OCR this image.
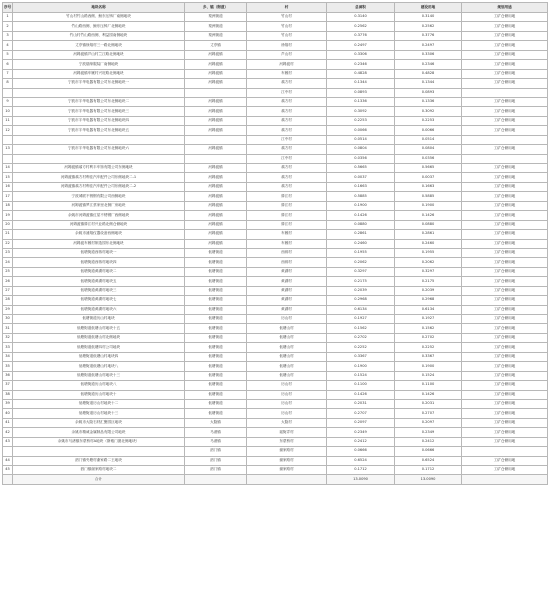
序号	地块名称	乡、镇（街道）	村	总面积	建设用地	规划用途
1	竹山村竹山路西侧、鲸东压铸厂南侧地块	梨洲街道	竹山村	0.3140	0.3140	工矿仓储用地
2	竹山路西侧、鲸东压铸厂北侧地块	梨洲街道	竹山村	0.2562	0.2562	工矿仓储用地
3	竹山村竹山路西侧、利益园南侧地块	梨洲街道	竹山村	0.3776	0.3776	工矿仓储用地
4	丈亭镇徐翔村三一路北侧地块	丈亭镇	徐翔村	0.2497	0.2497	工矿仓储用地
5	河姆渡镇芦山村兰江路北侧地块	河姆渡镇	芦山村	0.3306	0.3306	工矿仓储用地
6	宁波瑞缔服装厂南侧地块	河姆渡镇	河姆渡村	0.2346	0.2346	工矿仓储用地
7	河姆渡镇车厩村兴旺路北侧地块	河姆渡镇	车厩村	0.4828	0.4828	工矿仓储用地
8	宁波市宇华电器有限公司东北侧地块一	河姆渡镇	翁方村	0.1344	0.1344	工矿仓储用地
			江中村	0.0893	0.0893	
9	宁波市宇华电器有限公司东北侧地块二	河姆渡镇	翁方村	0.1336	0.1336	工矿仓储用地
10	宁波市宇华电器有限公司东北侧地块三	河姆渡镇	翁方村	0.3092	0.3092	工矿仓储用地
11	宁波市宇华电器有限公司东北侧地块四	河姆渡镇	翁方村	0.2253	0.2253	工矿仓储用地
12	宁波市宇华电器有限公司东北侧地块五	河姆渡镇	翁方村	0.0066	0.0066	工矿仓储用地
			江中村	0.0514	0.0514	
13	宁波市宇华电器有限公司东北侧地块六	河姆渡镇	翁方村	0.0804	0.0804	工矿仓储用地
			江中村	0.0356	0.0356	
14	河姆渡镇翁方村利丰车饰有限公司东侧地块	河姆渡镇	翁方村	0.5665	0.5665	工矿仓储用地
15	河姆渡镇翁方村利佳汽车配件公司东侧地块二-1	河姆渡镇	翁方村	0.0037	0.0037	工矿仓储用地
16	河姆渡镇翁方村利佳汽车配件公司东侧地块二-2	河姆渡镇	翁方村	0.1663	0.1663	工矿仓储用地
17	宁波城联不锈钢有限公司西侧地块	河姆渡镇	驿江村	0.5885	0.5885	工矿仓储用地
18	河姆渡镇罗江蔡家里北侧厂房地块	河姆渡镇	驿江村	0.1900	0.1900	工矿仓储用地
19	余姚市河姆渡镇红星不锈钢厂西侧地块	河姆渡镇	驿江村	0.1426	0.1426	工矿仓储用地
20	河姆渡镇驿江村兴业路北侧仓储地块	河姆渡镇	驿江村	0.0880	0.0880	工矿仓储用地
21	余姚市浦翔仪器设备西侧地块	河姆渡镇	车厩村	0.2861	0.2861	工矿仓储用地
22	河姆渡车厩村制造园东北侧地块	河姆渡镇	车厩村	0.2460	0.2460	工矿仓储用地
23	低塘街道西蒋村地块一	低塘街道	西蒋村	0.1955	0.1955	工矿仓储用地
24	低塘街道西蒋村地块四	低塘街道	西蒋村	0.2062	0.2062	工矿仓储用地
25	低塘街道黄湖村地块二	低塘街道	黄湖村	0.3297	0.3297	工矿仓储用地
26	低塘街道黄湖村地块五	低塘街道	黄湖村	0.2175	0.2175	工矿仓储用地
27	低塘街道黄湖村地块三	低塘街道	黄湖村	0.2039	0.2039	工矿仓储用地
28	低塘街道黄湖村地块七	低塘街道	黄湖村	0.2968	0.2968	工矿仓储用地
29	低塘街道黄湖村地块六	低塘街道	黄湖村	0.6134	0.6134	工矿仓储用地
30	低塘街道历山村地块	低塘街道	历山村	0.1927	0.1927	工矿仓储用地
31	低塘街道低塘山村地块十五	低塘街道	低塘山村	0.1562	0.1562	工矿仓储用地
32	低塘街道低塘山村北侧地块	低塘街道	低塘山村	0.2702	0.2702	工矿仓储用地
33	低塘街道低塘四村公司地块	低塘街道	低塘山村	0.2252	0.2252	工矿仓储用地
34	低塘街道低塘山村地块四	低塘街道	低塘山村	0.3367	0.3367	工矿仓储用地
35	低塘街道低塘山村地块八	低塘街道	低塘山村	0.1900	0.1900	工矿仓储用地
36	低塘街道低塘山村地块十三	低塘街道	低塘山村	0.1524	0.1524	工矿仓储用地
37	低塘街道历山村地块八	低塘街道	历山村	0.1100	0.1100	工矿仓储用地
38	低塘街道历山村地块十	低塘街道	历山村	0.1426	0.1426	工矿仓储用地
39	低塘街道历山村地块十二	低塘街道	历山村	0.2031	0.2031	工矿仓储用地
40	低塘街道历山村地块十三	低塘街道	历山村	0.2707	0.2707	工矿仓储用地
41	余姚市大隐石材汇聚园区地块	大隐镇	大隐村	0.2097	0.2097	工矿仓储用地
42	余姚市精诚金属制品有限公司地块	马渚镇	瑶街弄村	0.2349	0.2349	工矿仓储用地
43	余姚市马渚镇东蒙桥村A地块（斯雅门窗北侧地块）	马渚镇	东蒙桥村	0.2412	0.2412	工矿仓储用地
		泗门镇	谢家路村	0.0666	0.0666	
44	泗门镇夹塘村谢家路二王地块	泗门镇	谢家路村	0.6524	0.6524	工矿仓储用地
45	泗门镇谢家路村地块二	泗门镇	谢家路村	0.1712	0.1712	工矿仓储用地
	合计			13.0090	13.0090	
